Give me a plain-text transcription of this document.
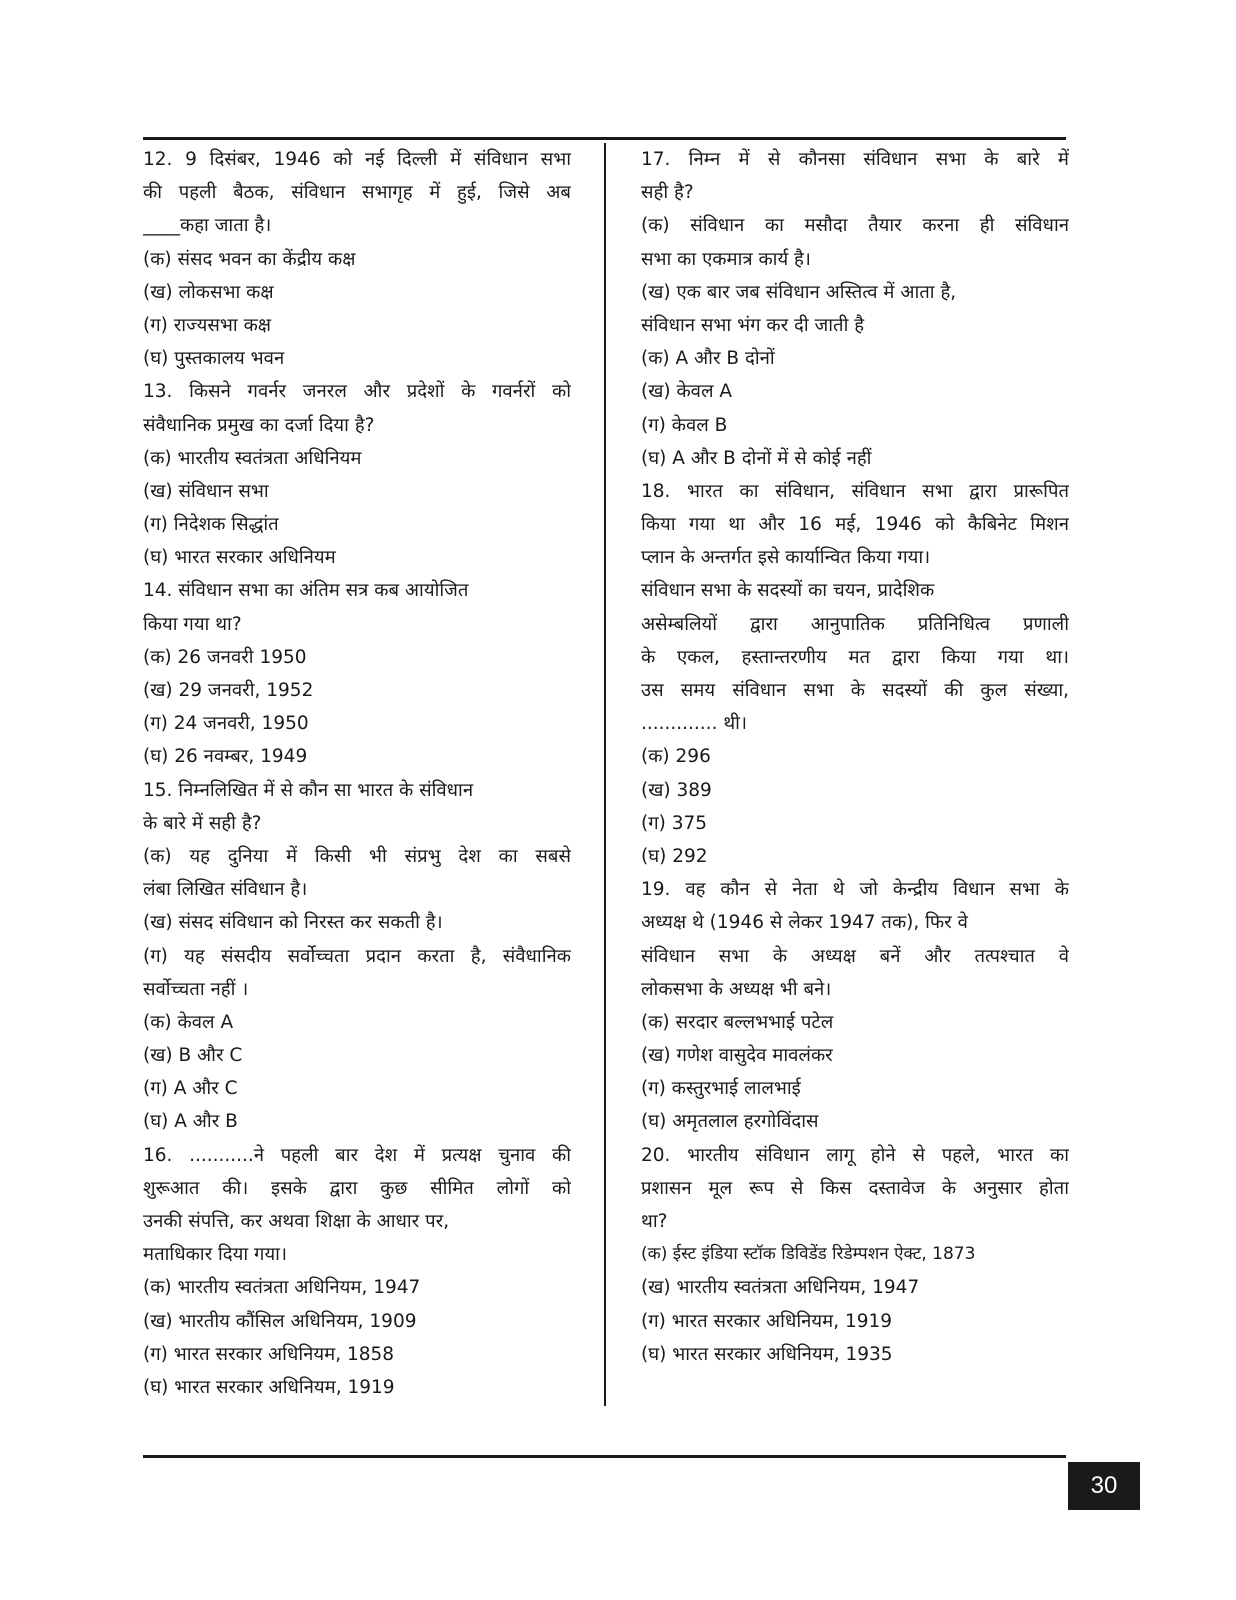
12. 9 दिसंबर, 1946 को नई दिल्ली में संविधान सभा
की पहली बैठक, संविधान सभागृह में हुई, जिसे अब
____कहा जाता है।
(क) संसद भवन का केंद्रीय कक्ष
(ख) लोकसभा कक्ष
(ग) राज्यसभा कक्ष
(घ) पुस्तकालय भवन
13. किसने गवर्नर जनरल और प्रदेशों के गवर्नरों को
संवैधानिक प्रमुख का दर्जा दिया है?
(क) भारतीय स्वतंत्रता अधिनियम
(ख) संविधान सभा
(ग) निदेशक सिद्धांत
(घ) भारत सरकार अधिनियम
14. संविधान सभा का अंतिम सत्र कब आयोजित
किया गया था?
(क) 26 जनवरी 1950
(ख) 29 जनवरी, 1952
(ग) 24 जनवरी, 1950
(घ) 26 नवम्बर, 1949
15. निम्नलिखित में से कौन सा भारत के संविधान
के बारे में सही है?
(क) यह दुनिया में किसी भी संप्रभु देश का सबसे
लंबा लिखित संविधान है।
(ख) संसद संविधान को निरस्त कर सकती है।
(ग) यह संसदीय सर्वोच्चता प्रदान करता है, संवैधानिक
सर्वोच्चता नहीं ।
(क) केवल A
(ख) B और C
(ग) A और C
(घ) A और B
16. ...........ने पहली बार देश में प्रत्यक्ष चुनाव की
शुरूआत की। इसके द्वारा कुछ सीमित लोगों को
उनकी संपत्ति, कर अथवा शिक्षा के आधार पर,
मताधिकार दिया गया।
(क) भारतीय स्वतंत्रता अधिनियम, 1947
(ख) भारतीय कौंसिल अधिनियम, 1909
(ग) भारत सरकार अधिनियम, 1858
(घ) भारत सरकार अधिनियम, 1919
17. निम्न में से कौनसा संविधान सभा के बारे में
सही है?
(क) संविधान का मसौदा तैयार करना ही संविधान
सभा का एकमात्र कार्य है।
(ख) एक बार जब संविधान अस्तित्व में आता है,
संविधान सभा भंग कर दी जाती है
(क) A और B दोनों
(ख) केवल A
(ग) केवल B
(घ) A और B दोनों में से कोई नहीं
18. भारत का संविधान, संविधान सभा द्वारा प्रारूपित
किया गया था और 16 मई, 1946 को कैबिनेट मिशन
प्लान के अन्तर्गत इसे कार्यान्वित किया गया।
संविधान सभा के सदस्यों का चयन, प्रादेशिक
असेम्बलियों द्वारा आनुपातिक प्रतिनिधित्व प्रणाली
के एकल, हस्तान्तरणीय मत द्वारा किया गया था।
उस समय संविधान सभा के सदस्यों की कुल संख्या,
............. थी।
(क) 296
(ख) 389
(ग) 375
(घ) 292
19. वह कौन से नेता थे जो केन्द्रीय विधान सभा के
अध्यक्ष थे (1946 से लेकर 1947 तक), फिर वे
संविधान सभा के अध्यक्ष बनें और तत्पश्चात वे
लोकसभा के अध्यक्ष भी बने।
(क) सरदार बल्लभभाई पटेल
(ख) गणेश वासुदेव मावलंकर
(ग) कस्तुरभाई लालभाई
(घ) अमृतलाल हरगोविंदास
20. भारतीय संविधान लागू होने से पहले, भारत का
प्रशासन मूल रूप से किस दस्तावेज के अनुसार होता
था?
(क) ईस्ट इंडिया स्टॉक डिविडेंड रिडेम्पशन ऐक्ट, 1873
(ख) भारतीय स्वतंत्रता अधिनियम, 1947
(ग) भारत सरकार अधिनियम, 1919
(घ) भारत सरकार अधिनियम, 1935
30
